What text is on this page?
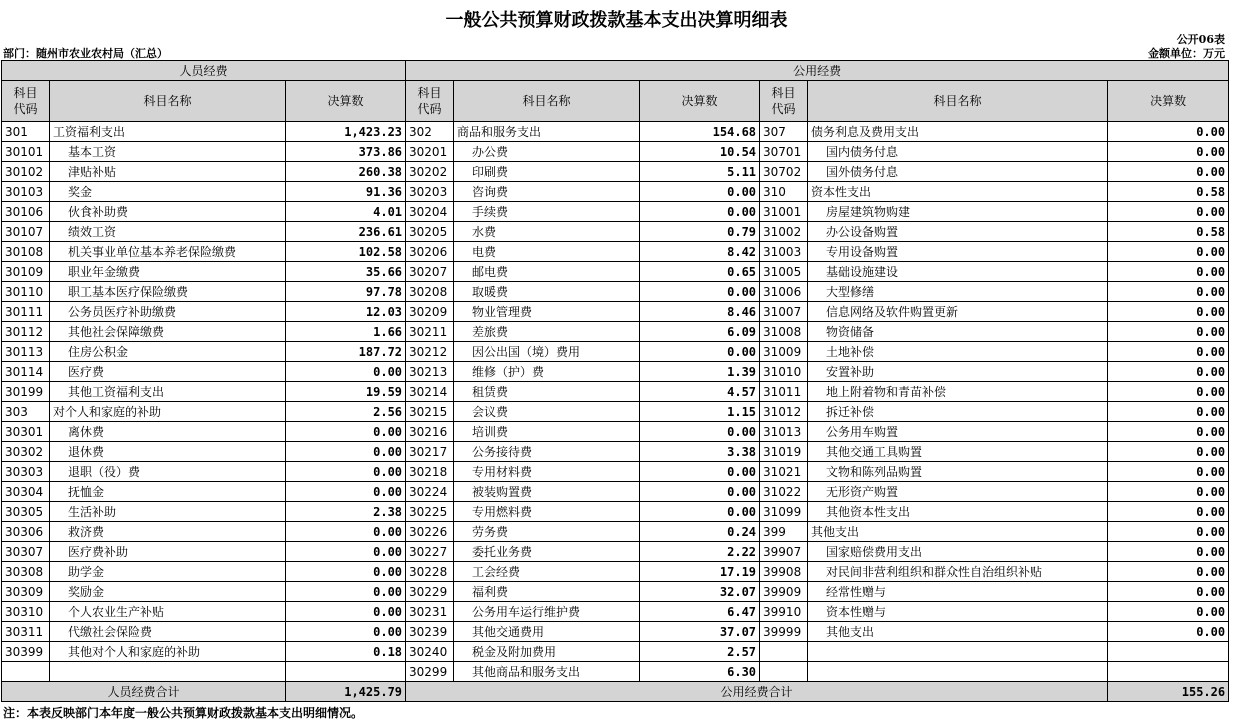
一般公共预算财政拨款基本支出决算明细表
公开06表
部门：随州市农业农村局（汇总）	金额单位：万元
人员经费			公用经费					
科目
代码	科目名称	决算数	科目
代码	科目名称	决算数	科目
代码	科目名称	决算数
301	工资福利支出	1,423.23	302	商品和服务支出	154.68	307	债务利息及费用支出	0.00
30101	基本工资	373.86	30201	办公费	10.54	30701	国内债务付息	0.00
30102	津贴补贴	260.38	30202	印刷费	5.11	30702	国外债务付息	0.00
30103	奖金	91.36	30203	咨询费	0.00	310	资本性支出	0.58
30106	伙食补助费	4.01	30204	手续费	0.00	31001	房屋建筑物购建	0.00
30107	绩效工资	236.61	30205	水费	0.79	31002	办公设备购置	0.58
30108	机关事业单位基本养老保险缴费	102.58	30206	电费	8.42	31003	专用设备购置	0.00
30109	职业年金缴费	35.66	30207	邮电费	0.65	31005	基础设施建设	0.00
30110	职工基本医疗保险缴费	97.78	30208	取暖费	0.00	31006	大型修缮	0.00
30111	公务员医疗补助缴费	12.03	30209	物业管理费	8.46	31007	信息网络及软件购置更新	0.00
30112	其他社会保障缴费	1.66	30211	差旅费	6.09	31008	物资储备	0.00
30113	住房公积金	187.72	30212	因公出国（境）费用	0.00	31009	土地补偿	0.00
30114	医疗费	0.00	30213	维修（护）费	1.39	31010	安置补助	0.00
30199	其他工资福利支出	19.59	30214	租赁费	4.57	31011	地上附着物和青苗补偿	0.00
303	对个人和家庭的补助	2.56	30215	会议费	1.15	31012	拆迁补偿	0.00
30301	离休费	0.00	30216	培训费	0.00	31013	公务用车购置	0.00
30302	退休费	0.00	30217	公务接待费	3.38	31019	其他交通工具购置	0.00
30303	退职（役）费	0.00	30218	专用材料费	0.00	31021	文物和陈列品购置	0.00
30304	抚恤金	0.00	30224	被装购置费	0.00	31022	无形资产购置	0.00
30305	生活补助	2.38	30225	专用燃料费	0.00	31099	其他资本性支出	0.00
30306	救济费	0.00	30226	劳务费	0.24	399	其他支出	0.00
30307	医疗费补助	0.00	30227	委托业务费	2.22	39907	国家赔偿费用支出	0.00
30308	助学金	0.00	30228	工会经费	17.19	39908	对民间非营利组织和群众性自治组织补贴	0.00
30309	奖励金	0.00	30229	福利费	32.07	39909	经常性赠与	0.00
30310	个人农业生产补贴	0.00	30231	公务用车运行维护费	6.47	39910	资本性赠与	0.00
30311	代缴社会保险费	0.00	30239	其他交通费用	37.07	39999	其他支出	0.00
30399	其他对个人和家庭的补助	0.18	30240	税金及附加费用	2.57			
			30299	其他商品和服务支出	6.30			
人员经费合计		1,425.79	公用经费合计					155.26
注：本表反映部门本年度一般公共预算财政拨款基本支出明细情况。
